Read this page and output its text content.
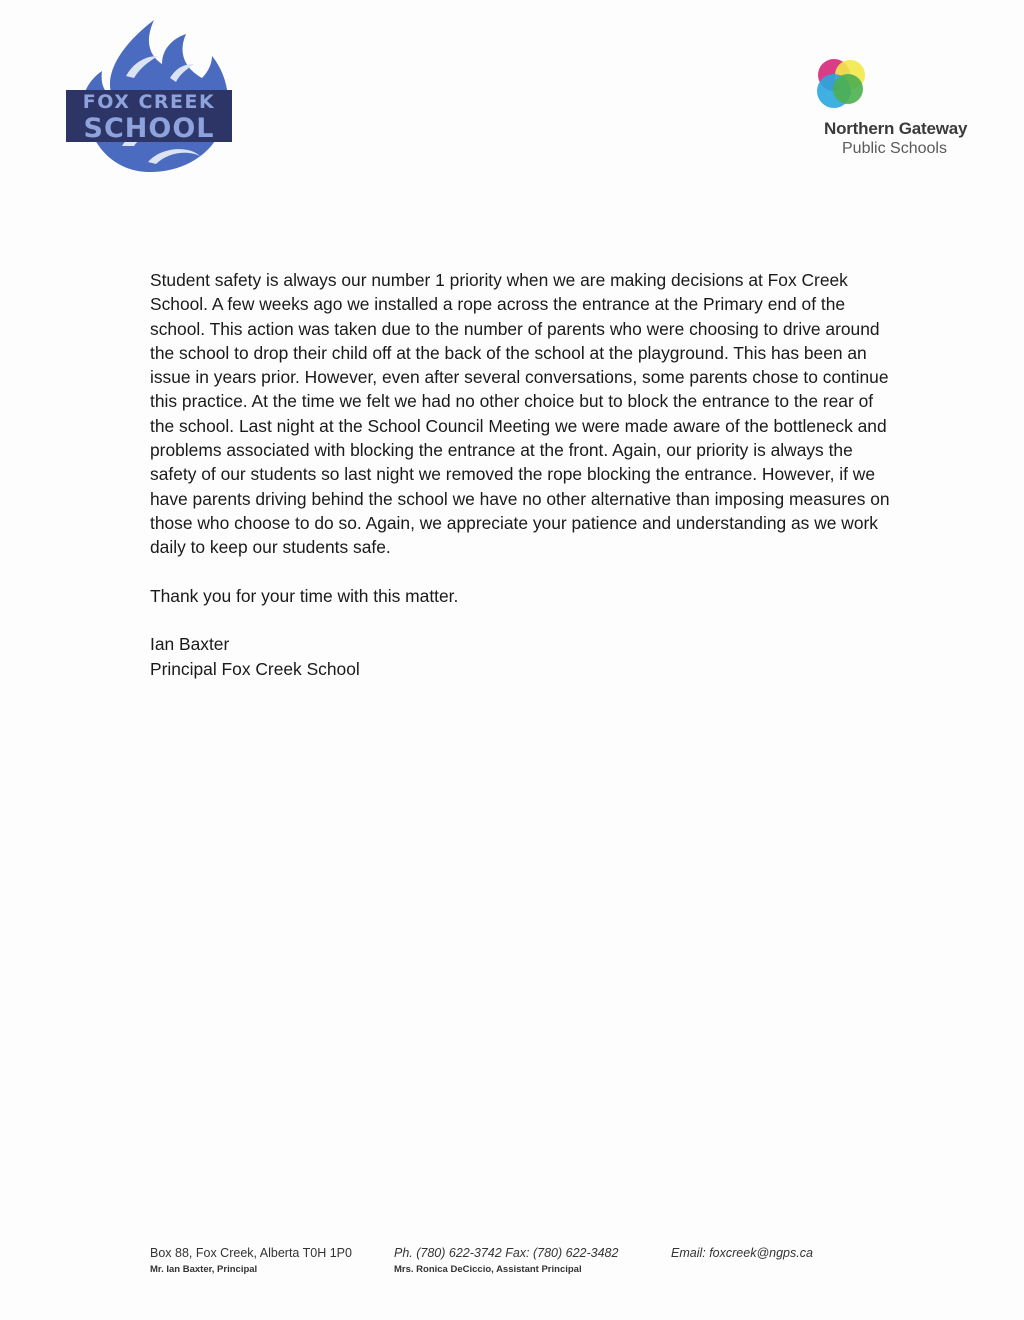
FOX CREEK
SCHOOL	Northern Gateway
Public Schools

Student safety is always our number 1 priority when we are making decisions at Fox Creek School. A few weeks ago we installed a rope across the entrance at the Primary end of the school. This action was taken due to the number of parents who were choosing to drive around the school to drop their child off at the back of the school at the playground. This has been an issue in years prior. However, even after several conversations, some parents chose to continue this practice. At the time we felt we had no other choice but to block the entrance to the rear of the school. Last night at the School Council Meeting we were made aware of the bottleneck and problems associated with blocking the entrance at the front. Again, our priority is always the safety of our students so last night we removed the rope blocking the entrance. However, if we have parents driving behind the school we have no other alternative than imposing measures on those who choose to do so. Again, we appreciate your patience and understanding as we work daily to keep our students safe.

Thank you for your time with this matter.

Ian Baxter
Principal Fox Creek School
Box 88, Fox Creek, Alberta T0H 1P0	Ph. (780) 622-3742 Fax: (780) 622-3482	Email: foxcreek@ngps.ca
Mr. Ian Baxter, Principal	Mrs. Ronica DeCiccio, Assistant Principal
